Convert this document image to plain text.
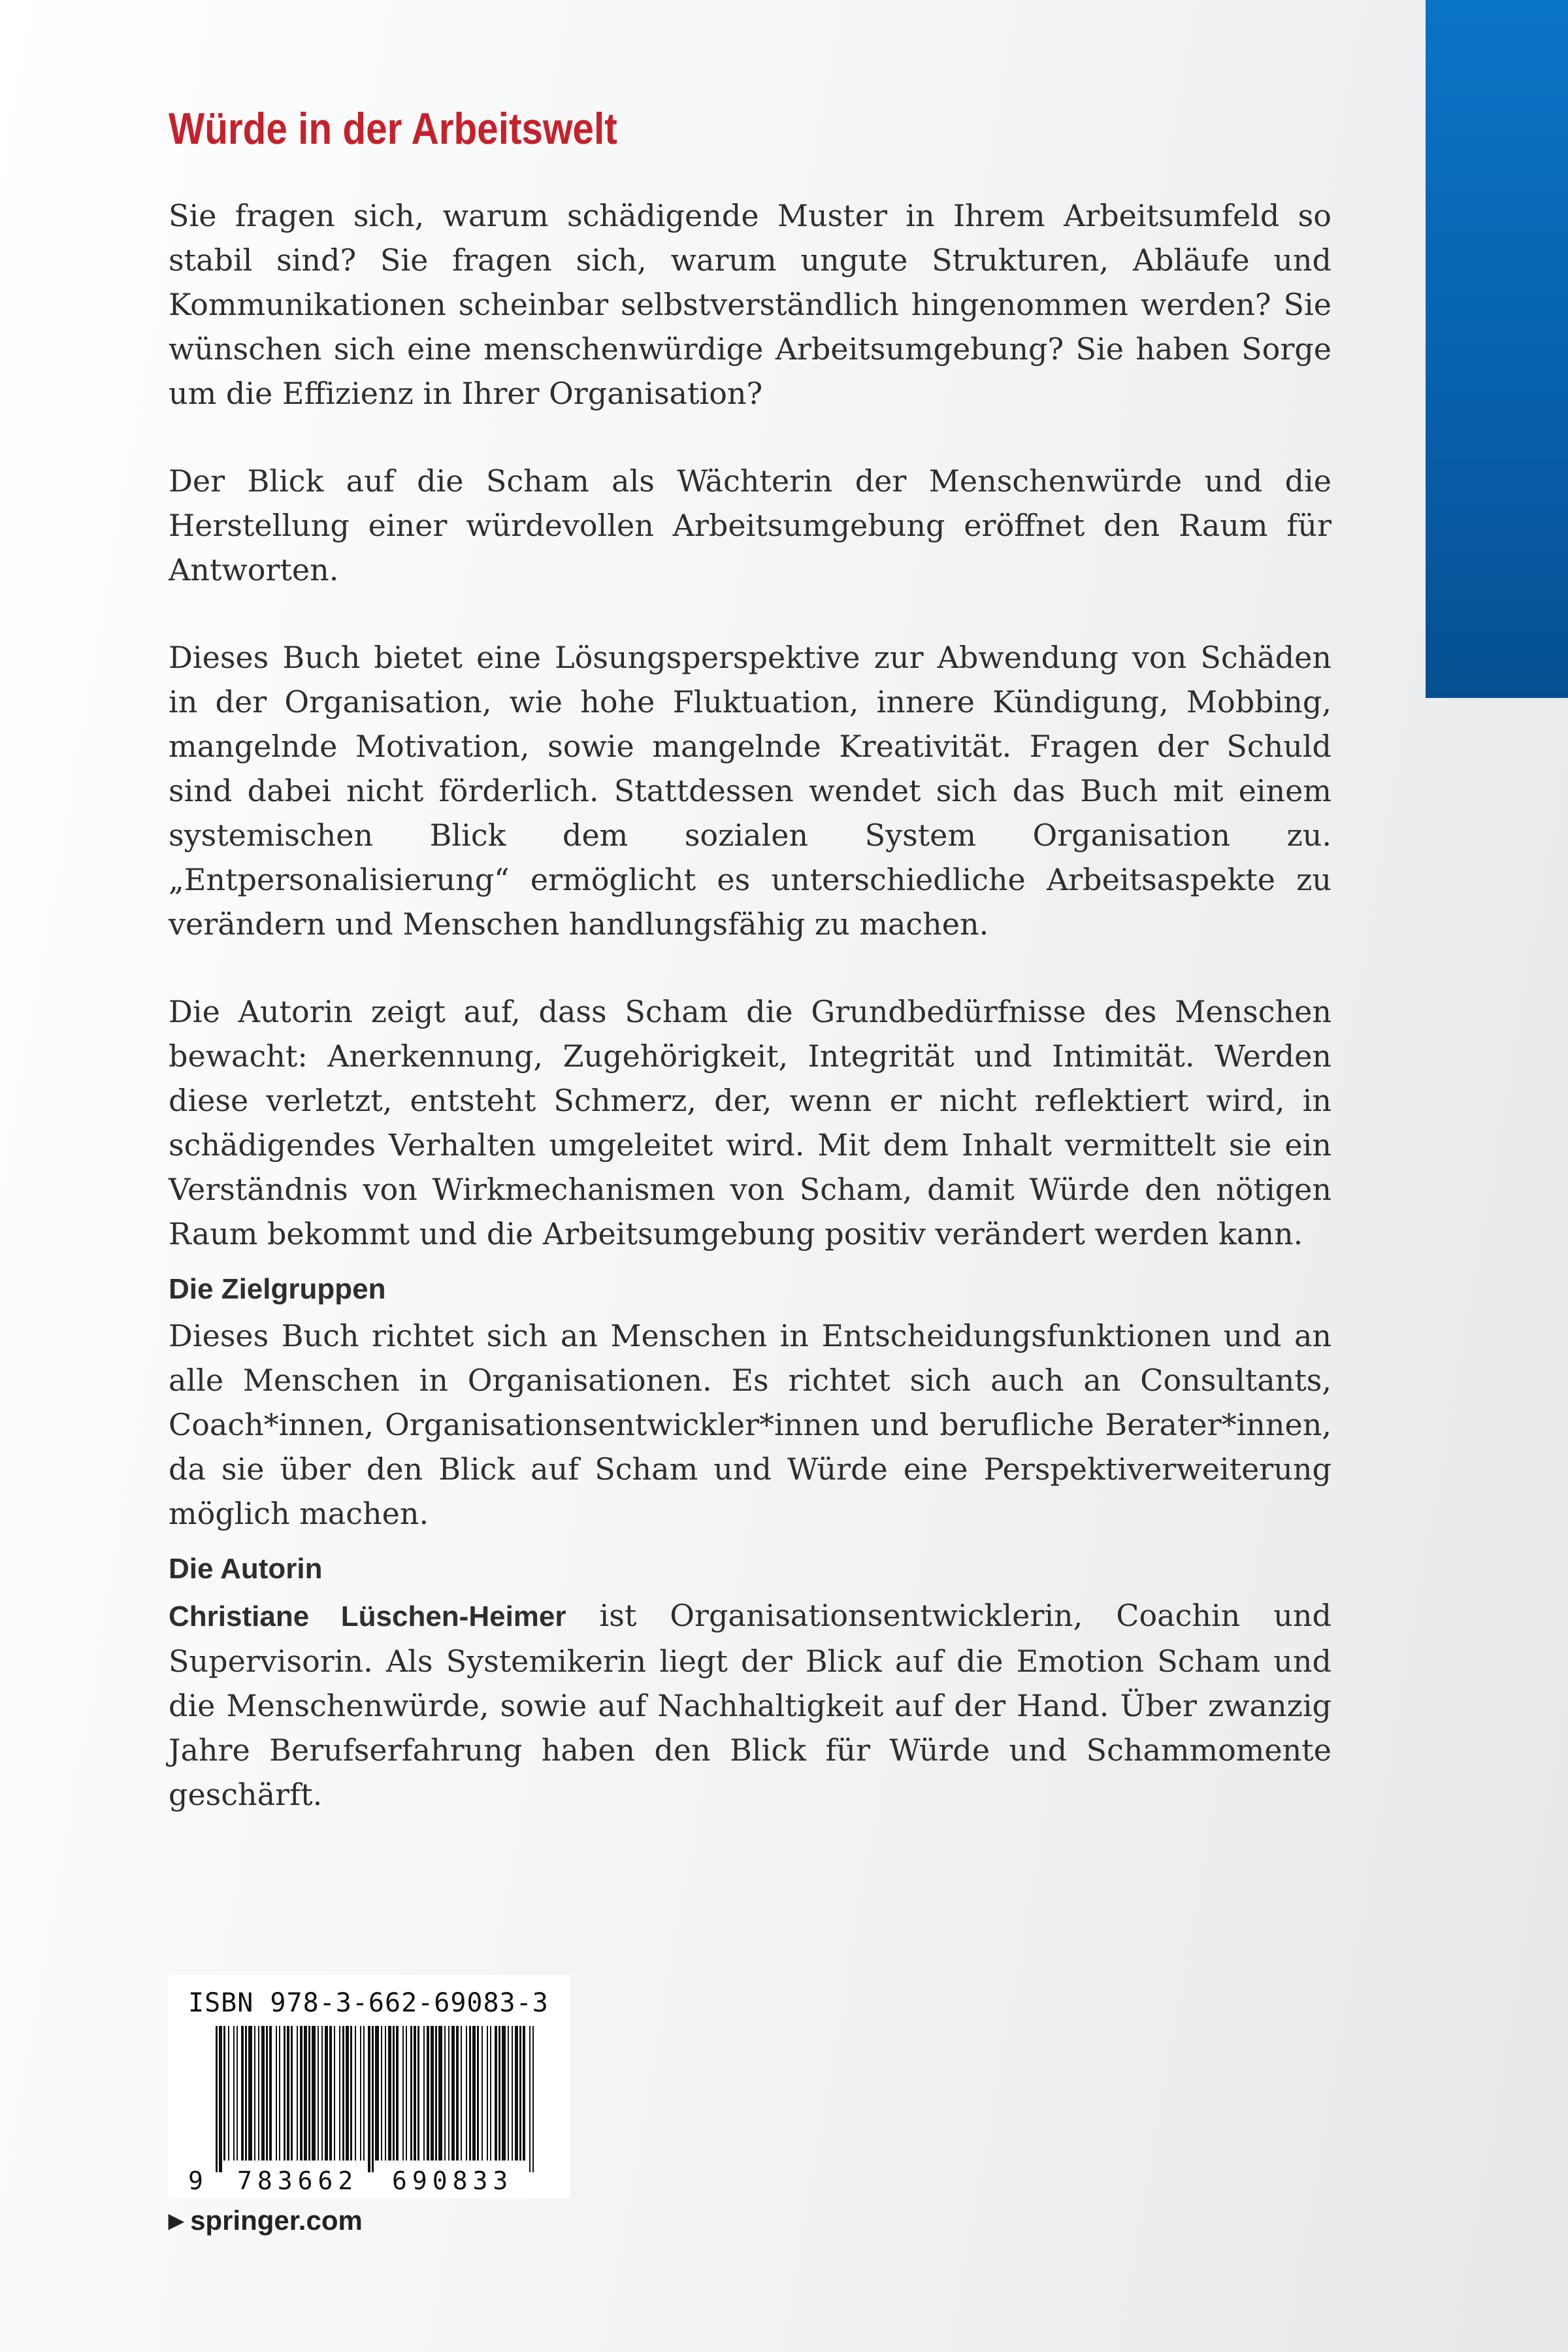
Würde in der Arbeitswelt

Sie fragen sich, warum schädigende Muster in Ihrem Arbeitsumfeld so stabil sind? Sie fragen sich, warum ungute Strukturen, Abläufe und Kommunikationen scheinbar selbstverständlich hingenommen werden? Sie wünschen sich eine menschenwürdige Arbeitsumgebung? Sie haben Sorge um die Effizienz in Ihrer Organisation?

Der Blick auf die Scham als Wächterin der Menschenwürde und die Herstellung einer würdevollen Arbeitsumgebung eröffnet den Raum für Antworten.

Dieses Buch bietet eine Lösungsperspektive zur Abwendung von Schäden in der Organisation, wie hohe Fluktuation, innere Kündigung, Mobbing, mangelnde Motivation, sowie mangelnde Kreativität. Fragen der Schuld sind dabei nicht förderlich. Stattdessen wendet sich das Buch mit einem systemischen Blick dem sozialen System Organisation zu. „Entpersonalisierung“ ermöglicht es unterschiedliche Arbeitsaspekte zu verändern und Menschen handlungsfähig zu machen.

Die Autorin zeigt auf, dass Scham die Grundbedürfnisse des Menschen bewacht: Anerkennung, Zugehörigkeit, Integrität und Intimität. Werden diese verletzt, entsteht Schmerz, der, wenn er nicht reflektiert wird, in schädigendes Verhalten umgeleitet wird. Mit dem Inhalt vermittelt sie ein Verständnis von Wirkmechanismen von Scham, damit Würde den nötigen Raum bekommt und die Arbeitsumgebung positiv verändert werden kann.

Die Zielgruppen

Dieses Buch richtet sich an Menschen in Entscheidungsfunktionen und an alle Menschen in Organisationen. Es richtet sich auch an Consultants, Coach*innen, Organisationsentwickler*innen und berufliche Berater*innen, da sie über den Blick auf Scham und Würde eine Perspektiverweiterung möglich machen.

Die Autorin

Christiane Lüschen-Heimer ist Organisationsentwicklerin, Coachin und Supervisorin. Als Systemikerin liegt der Blick auf die Emotion Scham und die Menschenwürde, sowie auf Nachhaltigkeit auf der Hand. Über zwanzig Jahre Berufserfahrung haben den Blick für Würde und Schammomente geschärft.

ISBN 978-3-662-69083-3
9 783662 690833
▶ springer.com
